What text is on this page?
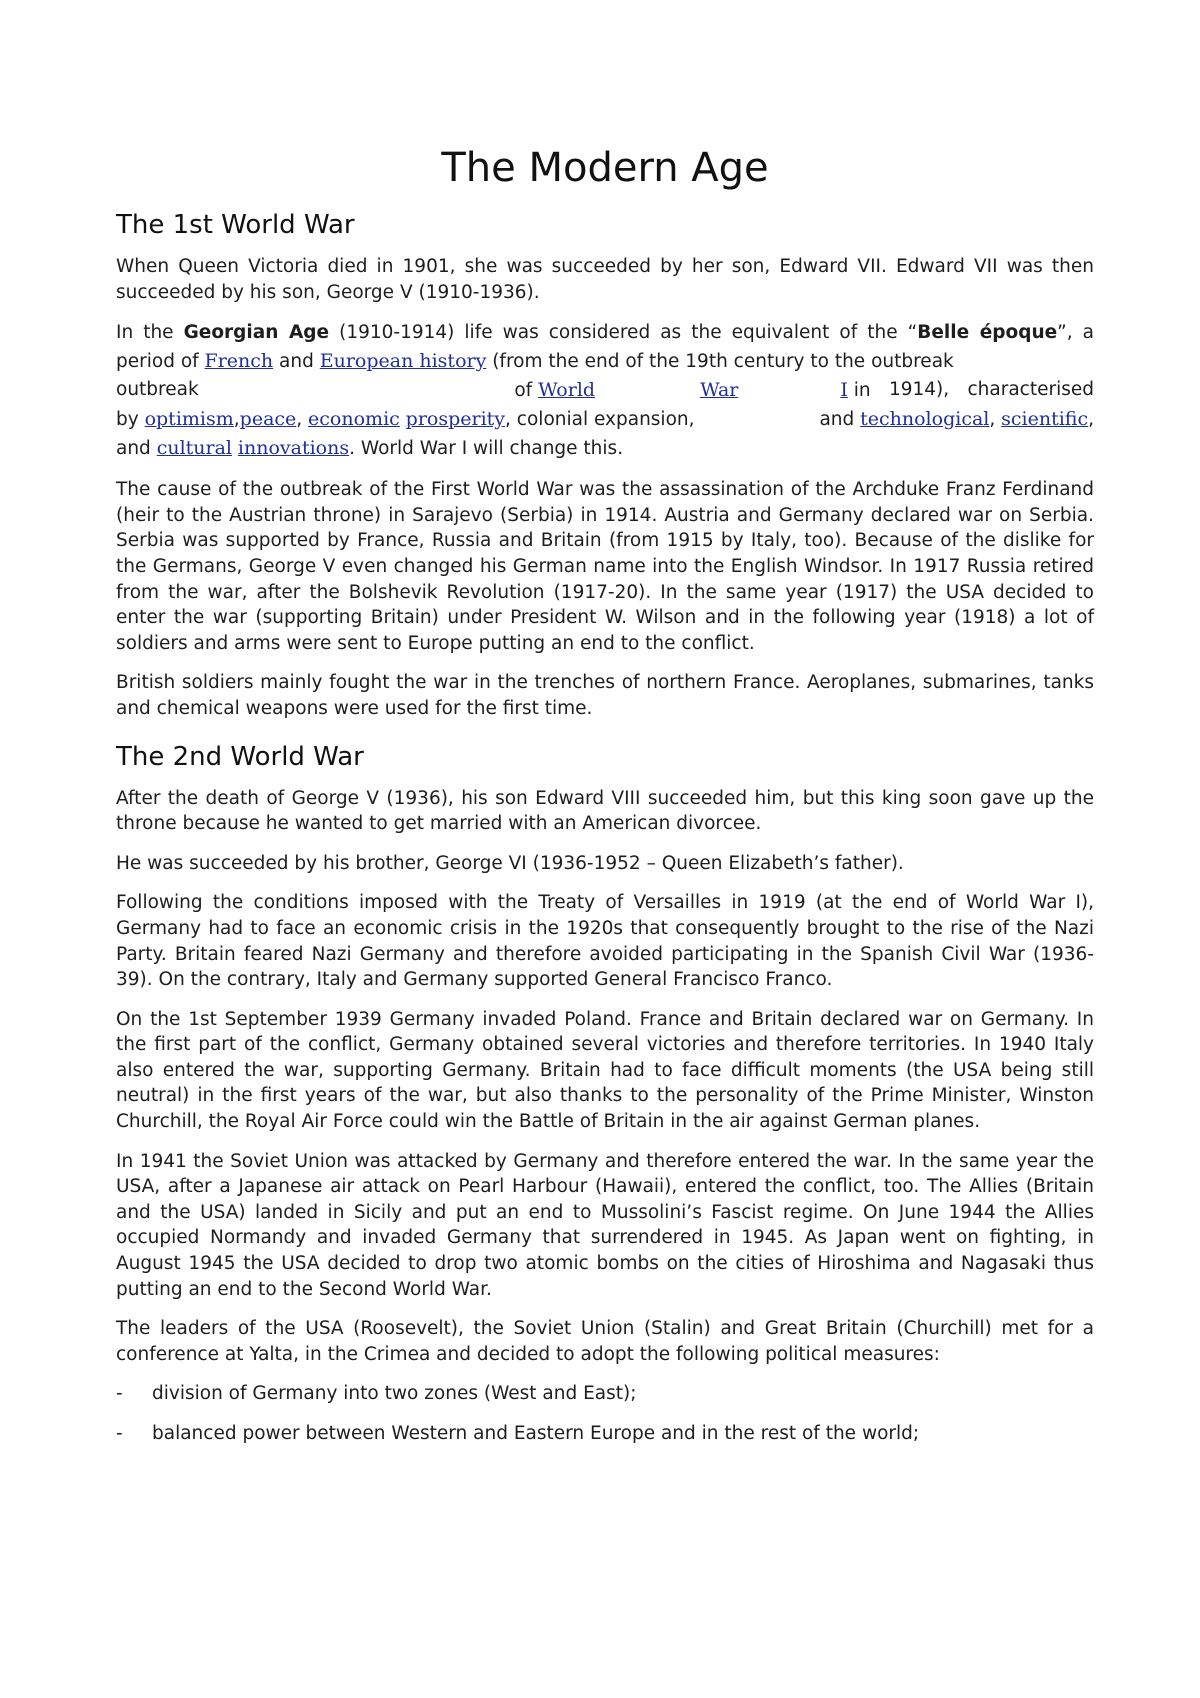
The Modern Age
The 1st World War

When Queen Victoria died in 1901, she was succeeded by her son, Edward VII. Edward VII was then succeeded by his son, George V (1910-1936).

In the Georgian Age (1910-1914) life was considered as the equivalent of the “Belle époque”, a period of French and European history (from the end of the 19th century to the outbreak

outbreak	of World	War	I in 1914), characterised
by optimism,peace, economic prosperity, colonial expansion,	and technological, scientific,

and cultural innovations. World War I will change this.

The cause of the outbreak of the First World War was the assassination of the Archduke Franz Ferdinand (heir to the Austrian throne) in Sarajevo (Serbia) in 1914. Austria and Germany declared war on Serbia. Serbia was supported by France, Russia and Britain (from 1915 by Italy, too). Because of the dislike for the Germans, George V even changed his German name into the English Windsor. In 1917 Russia retired from the war, after the Bolshevik Revolution (1917-20). In the same year (1917) the USA decided to enter the war (supporting Britain) under President W. Wilson and in the following year (1918) a lot of soldiers and arms were sent to Europe putting an end to the conflict.

British soldiers mainly fought the war in the trenches of northern France. Aeroplanes, submarines, tanks and chemical weapons were used for the first time.

The 2nd World War

After the death of George V (1936), his son Edward VIII succeeded him, but this king soon gave up the throne because he wanted to get married with an American divorcee.

He was succeeded by his brother, George VI (1936-1952 – Queen Elizabeth’s father).

Following the conditions imposed with the Treaty of Versailles in 1919 (at the end of World War I), Germany had to face an economic crisis in the 1920s that consequently brought to the rise of the Nazi Party. Britain feared Nazi Germany and therefore avoided participating in the Spanish Civil War (1936-39). On the contrary, Italy and Germany supported General Francisco Franco.

On the 1st September 1939 Germany invaded Poland. France and Britain declared war on Germany. In the first part of the conflict, Germany obtained several victories and therefore territories. In 1940 Italy also entered the war, supporting Germany. Britain had to face difficult moments (the USA being still neutral) in the first years of the war, but also thanks to the personality of the Prime Minister, Winston Churchill, the Royal Air Force could win the Battle of Britain in the air against German planes.

In 1941 the Soviet Union was attacked by Germany and therefore entered the war. In the same year the USA, after a Japanese air attack on Pearl Harbour (Hawaii), entered the conflict, too. The Allies (Britain and the USA) landed in Sicily and put an end to Mussolini’s Fascist regime. On June 1944 the Allies occupied Normandy and invaded Germany that surrendered in 1945. As Japan went on fighting, in August 1945 the USA decided to drop two atomic bombs on the cities of Hiroshima and Nagasaki thus putting an end to the Second World War.

The leaders of the USA (Roosevelt), the Soviet Union (Stalin) and Great Britain (Churchill) met for a conference at Yalta, in the Crimea and decided to adopt the following political measures:

- division of Germany into two zones (West and East);
- balanced power between Western and Eastern Europe and in the rest of the world;
